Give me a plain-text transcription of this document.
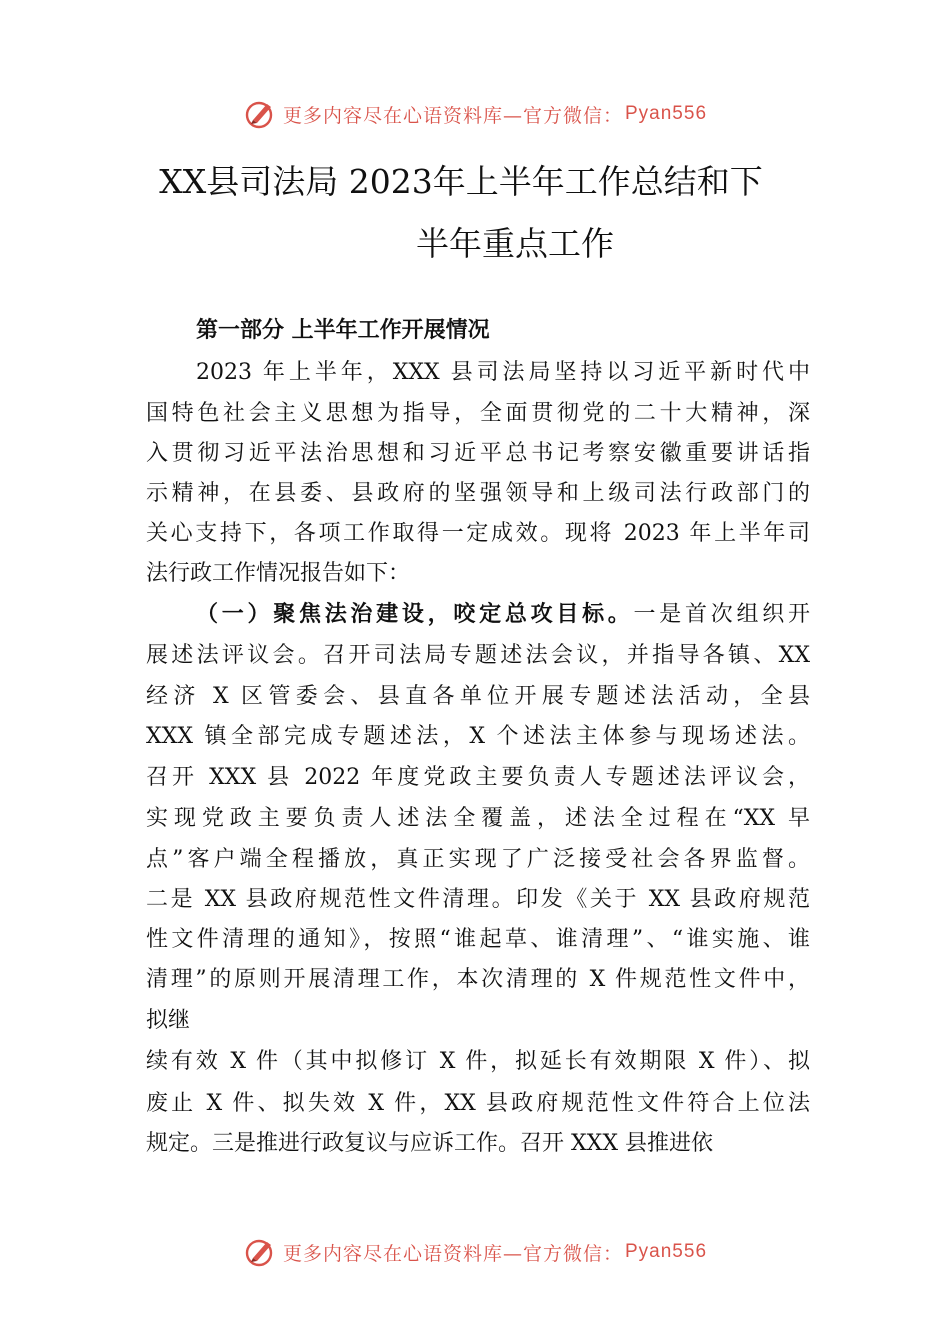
更多内容尽在心语资料库—官方微信： Pyan556
XX县司法局 2023年上半年工作总结和下
半年重点工作
第一部分 上半年工作开展情况
2023 年上半年，XXX 县司法局坚持以习近平新时代中
国特色社会主义思想为指导，全面贯彻党的二十大精神，深
入贯彻习近平法治思想和习近平总书记考察安徽重要讲话指
示精神，在县委、县政府的坚强领导和上级司法行政部门的
关心支持下，各项工作取得一定成效。现将 2023 年上半年司
法行政工作情况报告如下：
（一）聚焦法治建设，咬定总攻目标。一是首次组织开
展述法评议会。召开司法局专题述法会议，并指导各镇、XX
经济 X 区管委会、县直各单位开展专题述法活动，全县
XXX 镇全部完成专题述法，X 个述法主体参与现场述法。
召开 XXX 县 2022 年度党政主要负责人专题述法评议会，
实现党政主要负责人述法全覆盖，述法全过程在“XX 早
点”客户端全程播放，真正实现了广泛接受社会各界监督。
二是 XX 县政府规范性文件清理。印发《关于 XX 县政府规范
性文件清理的通知》，按照“谁起草、谁清理”、“谁实施、谁
清理”的原则开展清理工作，本次清理的 X 件规范性文件中，
拟继
续有效 X 件（其中拟修订 X 件，拟延长有效期限 X 件）、拟
废止 X 件、拟失效 X 件，XX 县政府规范性文件符合上位法
规定。三是推进行政复议与应诉工作。召开 XXX 县推进依
更多内容尽在心语资料库—官方微信： Pyan556
